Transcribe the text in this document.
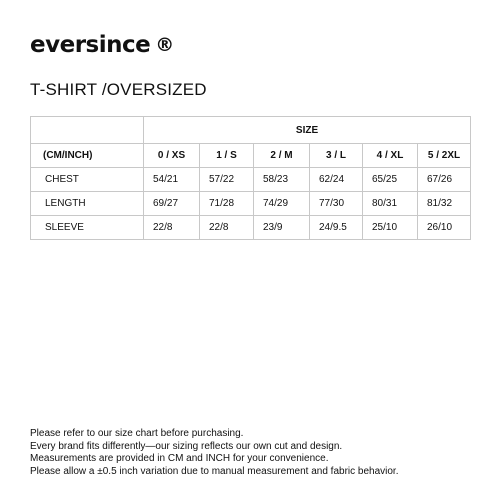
eversince ®
T-SHIRT /OVERSIZED
	SIZE					
(CM/INCH)	0 / XS	1 / S	2 / M	3 / L	4 / XL	5 / 2XL
CHEST	54/21	57/22	58/23	62/24	65/25	67/26
LENGTH	69/27	71/28	74/29	77/30	80/31	81/32
SLEEVE	22/8	22/8	23/9	24/9.5	25/10	26/10
Please refer to our size chart before purchasing.
Every brand fits differently—our sizing reflects our own cut and design.
Measurements are provided in CM and INCH for your convenience.
Please allow a ±0.5 inch variation due to manual measurement and fabric behavior.
